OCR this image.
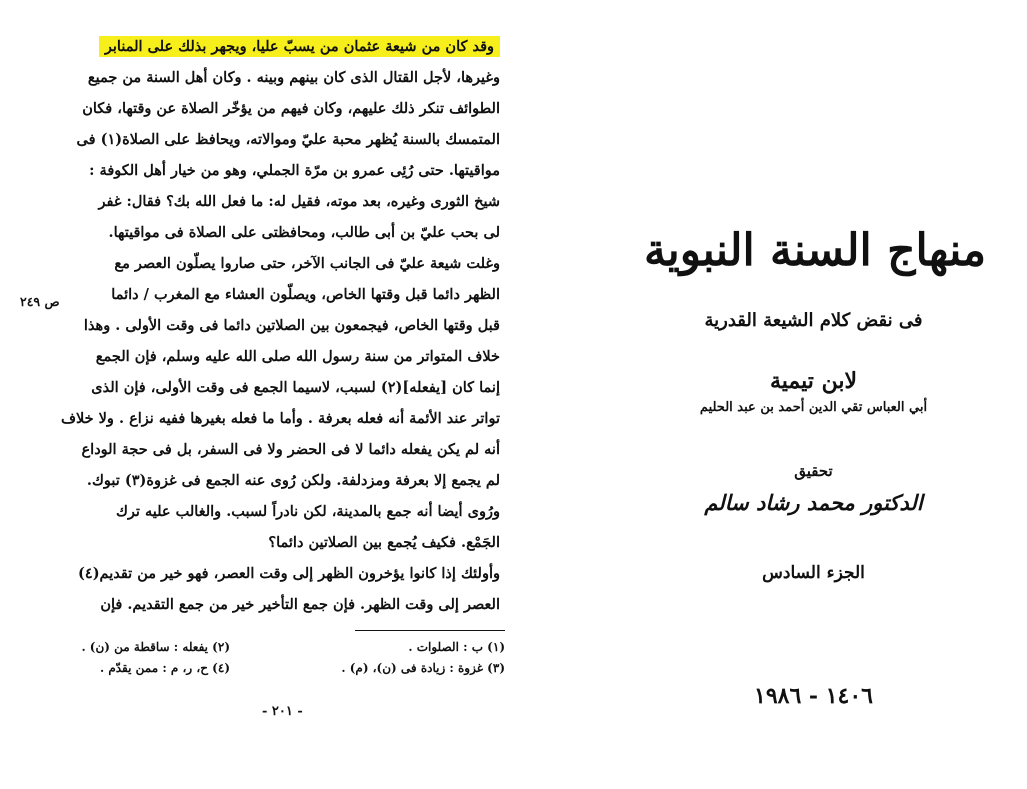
وقد كان من شيعة عثمان من يسبّ عليا، ويجهر بذلك على المنابر
وغيرها، لأجل القتال الذى كان بينهم وبينه . وكان أهل السنة من جميع
الطوائف تنكر ذلك عليهم، وكان فيهم من يؤخّر الصلاة عن وقتها، فكان
المتمسك بالسنة يُظهر محبة عليّ وموالاته، ويحافظ على الصلاة(١) فى
مواقيتها. حتى رُئِى عمرو بن مرّة الجملي، وهو من خيار أهل الكوفة :
شيخ الثورى وغيره، بعد موته، فقيل له: ما فعل الله بك؟ فقال: غفر
لى بحب عليّ بن أبى طالب، ومحافظتى على الصلاة فى مواقيتها.
وغلت شيعة عليّ فى الجانب الآخر، حتى صاروا يصلّون العصر مع
الظهر دائما قبل وقتها الخاص، ويصلّون العشاء مع المغرب / دائما
قبل وقتها الخاص، فيجمعون بين الصلاتين دائما فى وقت الأولى . وهذا
خلاف المتواتر من سنة رسول الله صلى الله عليه وسلم، فإن الجمع
إنما كان [يفعله](٢) لسبب، لاسيما الجمع فى وقت الأولى، فإن الذى
تواتر عند الأئمة أنه فعله بعرفة . وأما ما فعله بغيرها ففيه نزاع . ولا خلاف
أنه لم يكن يفعله دائما لا فى الحضر ولا فى السفر، بل فى حجة الوداع
لم يجمع إلا بعرفة ومزدلفة. ولكن رُوى عنه الجمع فى غزوة(٣) تبوك.
ورُوى أيضا أنه جمع بالمدينة، لكن نادراً لسبب. والغالب عليه ترك
الجَمْع. فكيف يُجمع بين الصلاتين دائما؟
وأولئك إذا كانوا يؤخرون الظهر إلى وقت العصر، فهو خير من تقديم(٤)
العصر إلى وقت الظهر. فإن جمع التأخير خير من جمع التقديم. فإن
ص ٢٤٩
(١) ب : الصلوات .
(٢) يفعله : ساقطة من (ن) .
(٣) غزوة : زيادة فى (ن)، (م) .
(٤) ح، ر، م : ممن يقدّم .
- ٢٠١ -
منهاج السنة النبوية
فى نقض كلام الشيعة القدرية
لابن تيمية
أبي العباس تقي الدين أحمد بن عبد الحليم
تحقيق
الدكتور محمد رشاد سالم
الجزء السادس
١٤٠٦ - ١٩٨٦
